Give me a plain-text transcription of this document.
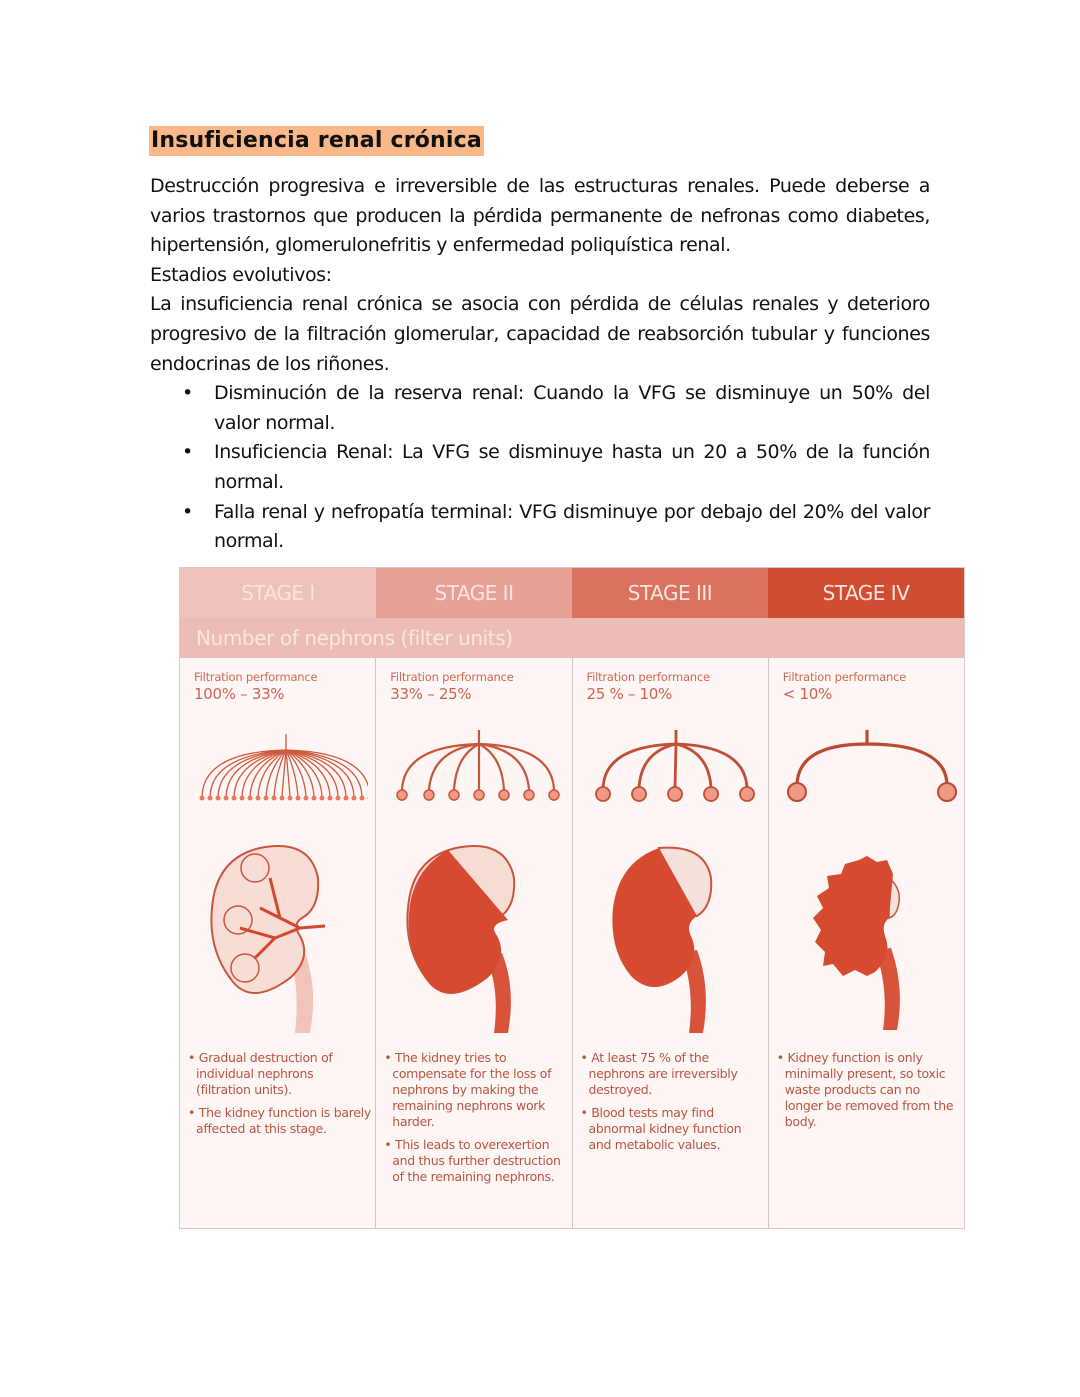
Insuficiencia renal crónica

Destrucción progresiva e irreversible de las estructuras renales. Puede deberse a varios trastornos que producen la pérdida permanente de nefronas como diabetes, hipertensión, glomerulonefritis y enfermedad poliquística renal.

Estadios evolutivos:

La insuficiencia renal crónica se asocia con pérdida de células renales y deterioro progresivo de la filtración glomerular, capacidad de reabsorción tubular y funciones endocrinas de los riñones.

• Disminución de la reserva renal: Cuando la VFG se disminuye un 50% del valor normal.
• Insuficiencia Renal: La VFG se disminuye hasta un 20 a 50% de la función normal.
• Falla renal y nefropatía terminal: VFG disminuye por debajo del 20% del valor normal.
STAGE I	STAGE II	STAGE III	STAGE IV
Number of nephrons (filter units)
Filtration performance
100% – 33%
• Gradual destruction of individual nephrons (filtration units).
• The kidney function is barely affected at this stage.
Filtration performance
33% – 25%
• The kidney tries to compensate for the loss of nephrons by making the remaining nephrons work harder.
• This leads to overexertion and thus further destruction of the remaining nephrons.
Filtration performance
25 % – 10%
• At least 75 % of the nephrons are irreversibly destroyed.
• Blood tests may find abnormal kidney function and metabolic values.
Filtration performance
< 10%
• Kidney function is only minimally present, so toxic waste products can no longer be removed from the body.
